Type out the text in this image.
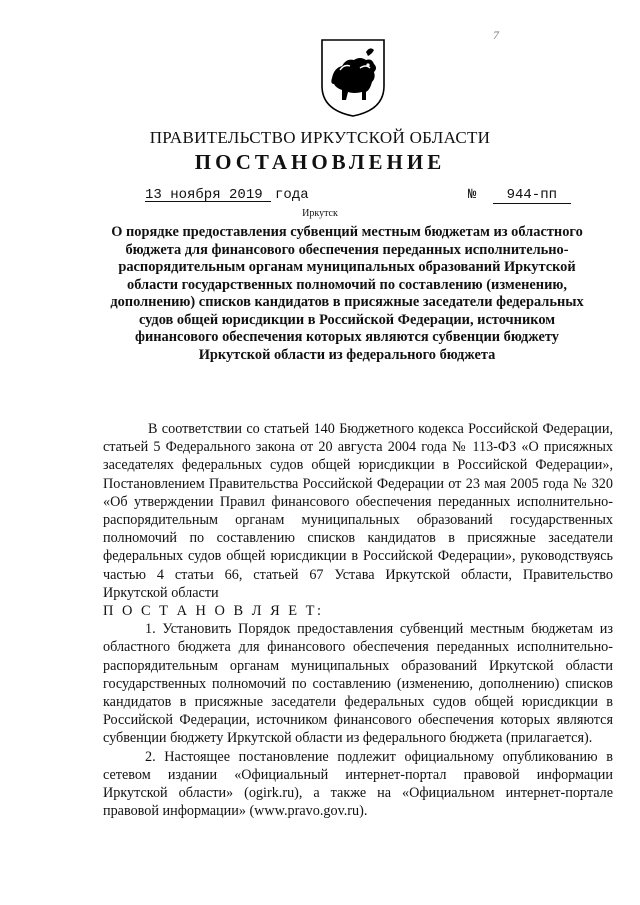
7
ПРАВИТЕЛЬСТВО ИРКУТСКОЙ ОБЛАСТИ
ПОСТАНОВЛЕНИЕ
13 ноября 2019 года	№ 944-пп
Иркутск
О порядке предоставления субвенций местным бюджетам из областного бюджета для финансового обеспечения переданных исполнительно-распорядительным органам муниципальных образований Иркутской области государственных полномочий по составлению (изменению, дополнению) списков кандидатов в присяжные заседатели федеральных судов общей юрисдикции в Российской Федерации, источником финансового обеспечения которых являются субвенции бюджету Иркутской области из федерального бюджета

В соответствии со статьей 140 Бюджетного кодекса Российской Федерации, статьей 5 Федерального закона от 20 августа 2004 года № 113-ФЗ «О присяжных заседателях федеральных судов общей юрисдикции в Российской Федерации», Постановлением Правительства Российской Федерации от 23 мая 2005 года № 320 «Об утверждении Правил финансового обеспечения переданных исполнительно-распорядительным органам муниципальных образований государственных полномочий по составлению списков кандидатов в присяжные заседатели федеральных судов общей юрисдикции в Российской Федерации», руководствуясь частью 4 статьи 66, статьей 67 Устава Иркутской области, Правительство Иркутской области

П О С Т А Н О В Л Я Е Т:

1. Установить Порядок предоставления субвенций местным бюджетам из областного бюджета для финансового обеспечения переданных исполнительно-распорядительным органам муниципальных образований Иркутской области государственных полномочий по составлению (изменению, дополнению) списков кандидатов в присяжные заседатели федеральных судов общей юрисдикции в Российской Федерации, источником финансового обеспечения которых являются субвенции бюджету Иркутской области из федерального бюджета (прилагается).

2. Настоящее постановление подлежит официальному опубликованию в сетевом издании «Официальный интернет-портал правовой информации Иркутской области» (ogirk.ru), а также на «Официальном интернет-портале правовой информации» (www.pravo.gov.ru).
